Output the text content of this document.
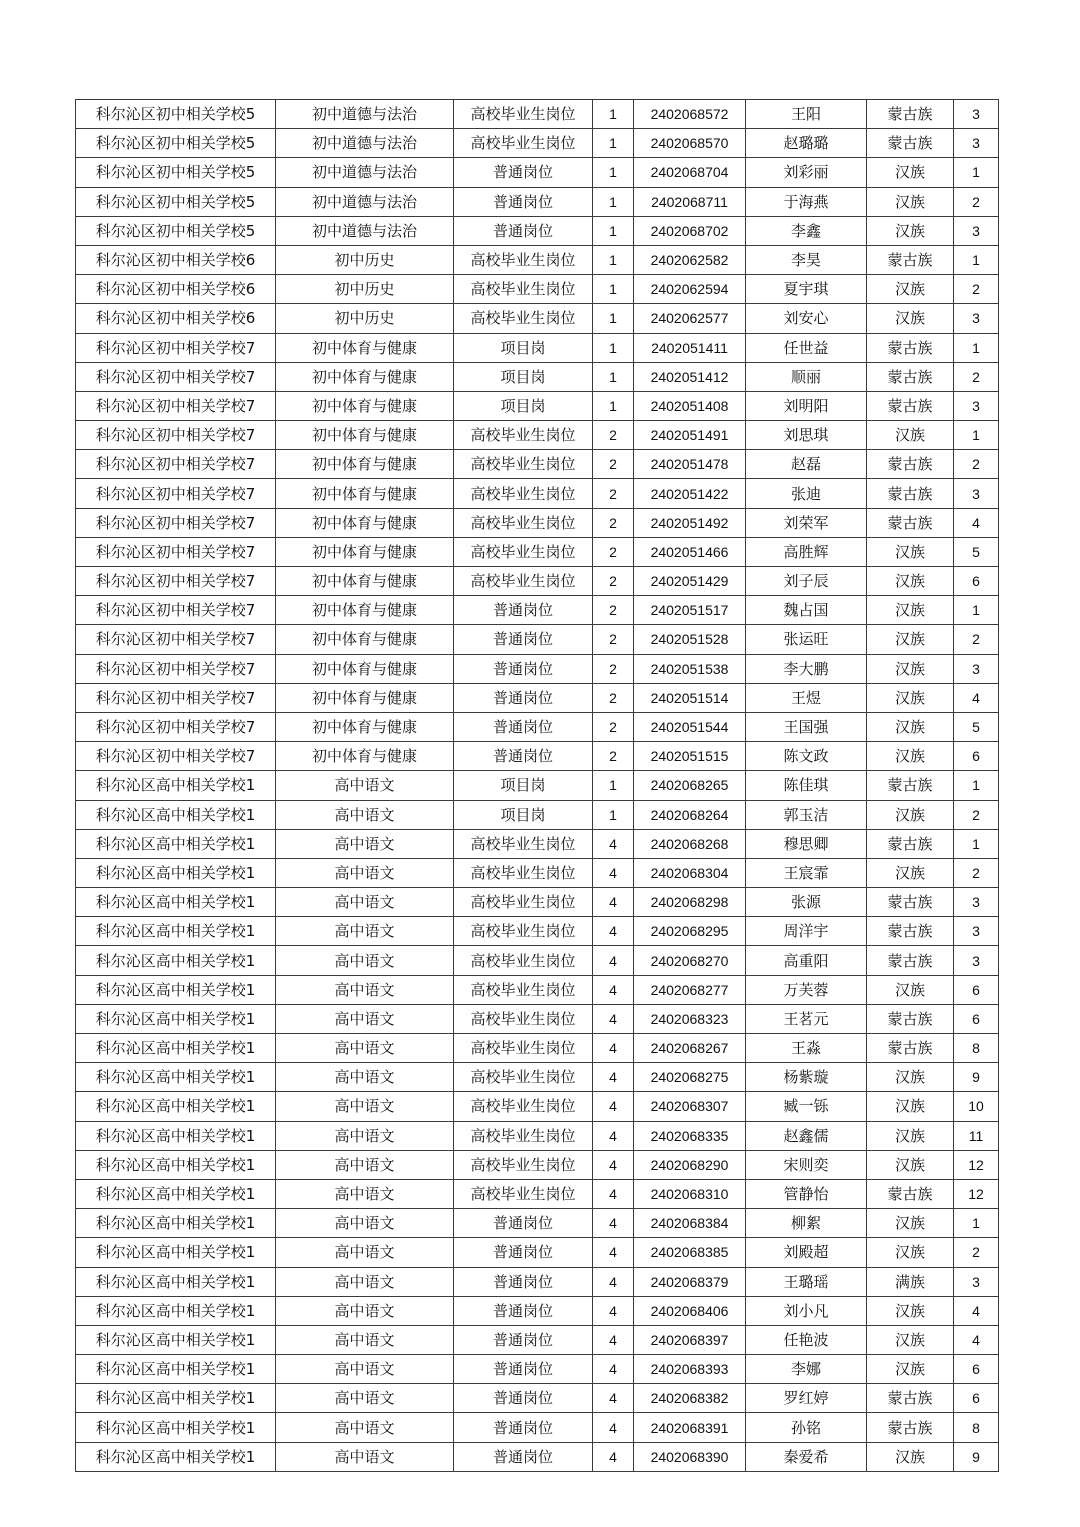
科尔沁区初中相关学校5	初中道德与法治	高校毕业生岗位	1	2402068572	王阳	蒙古族	3
科尔沁区初中相关学校5	初中道德与法治	高校毕业生岗位	1	2402068570	赵璐璐	蒙古族	3
科尔沁区初中相关学校5	初中道德与法治	普通岗位	1	2402068704	刘彩丽	汉族	1
科尔沁区初中相关学校5	初中道德与法治	普通岗位	1	2402068711	于海燕	汉族	2
科尔沁区初中相关学校5	初中道德与法治	普通岗位	1	2402068702	李鑫	汉族	3
科尔沁区初中相关学校6	初中历史	高校毕业生岗位	1	2402062582	李昊	蒙古族	1
科尔沁区初中相关学校6	初中历史	高校毕业生岗位	1	2402062594	夏宇琪	汉族	2
科尔沁区初中相关学校6	初中历史	高校毕业生岗位	1	2402062577	刘安心	汉族	3
科尔沁区初中相关学校7	初中体育与健康	项目岗	1	2402051411	任世益	蒙古族	1
科尔沁区初中相关学校7	初中体育与健康	项目岗	1	2402051412	顺丽	蒙古族	2
科尔沁区初中相关学校7	初中体育与健康	项目岗	1	2402051408	刘明阳	蒙古族	3
科尔沁区初中相关学校7	初中体育与健康	高校毕业生岗位	2	2402051491	刘思琪	汉族	1
科尔沁区初中相关学校7	初中体育与健康	高校毕业生岗位	2	2402051478	赵磊	蒙古族	2
科尔沁区初中相关学校7	初中体育与健康	高校毕业生岗位	2	2402051422	张迪	蒙古族	3
科尔沁区初中相关学校7	初中体育与健康	高校毕业生岗位	2	2402051492	刘荣军	蒙古族	4
科尔沁区初中相关学校7	初中体育与健康	高校毕业生岗位	2	2402051466	高胜辉	汉族	5
科尔沁区初中相关学校7	初中体育与健康	高校毕业生岗位	2	2402051429	刘子辰	汉族	6
科尔沁区初中相关学校7	初中体育与健康	普通岗位	2	2402051517	魏占国	汉族	1
科尔沁区初中相关学校7	初中体育与健康	普通岗位	2	2402051528	张运旺	汉族	2
科尔沁区初中相关学校7	初中体育与健康	普通岗位	2	2402051538	李大鹏	汉族	3
科尔沁区初中相关学校7	初中体育与健康	普通岗位	2	2402051514	王煜	汉族	4
科尔沁区初中相关学校7	初中体育与健康	普通岗位	2	2402051544	王国强	汉族	5
科尔沁区初中相关学校7	初中体育与健康	普通岗位	2	2402051515	陈文政	汉族	6
科尔沁区高中相关学校1	高中语文	项目岗	1	2402068265	陈佳琪	蒙古族	1
科尔沁区高中相关学校1	高中语文	项目岗	1	2402068264	郭玉洁	汉族	2
科尔沁区高中相关学校1	高中语文	高校毕业生岗位	4	2402068268	穆思卿	蒙古族	1
科尔沁区高中相关学校1	高中语文	高校毕业生岗位	4	2402068304	王宸霏	汉族	2
科尔沁区高中相关学校1	高中语文	高校毕业生岗位	4	2402068298	张源	蒙古族	3
科尔沁区高中相关学校1	高中语文	高校毕业生岗位	4	2402068295	周洋宇	蒙古族	3
科尔沁区高中相关学校1	高中语文	高校毕业生岗位	4	2402068270	高重阳	蒙古族	3
科尔沁区高中相关学校1	高中语文	高校毕业生岗位	4	2402068277	万芙蓉	汉族	6
科尔沁区高中相关学校1	高中语文	高校毕业生岗位	4	2402068323	王茗元	蒙古族	6
科尔沁区高中相关学校1	高中语文	高校毕业生岗位	4	2402068267	王淼	蒙古族	8
科尔沁区高中相关学校1	高中语文	高校毕业生岗位	4	2402068275	杨紫璇	汉族	9
科尔沁区高中相关学校1	高中语文	高校毕业生岗位	4	2402068307	臧一铄	汉族	10
科尔沁区高中相关学校1	高中语文	高校毕业生岗位	4	2402068335	赵鑫儒	汉族	11
科尔沁区高中相关学校1	高中语文	高校毕业生岗位	4	2402068290	宋则奕	汉族	12
科尔沁区高中相关学校1	高中语文	高校毕业生岗位	4	2402068310	管静怡	蒙古族	12
科尔沁区高中相关学校1	高中语文	普通岗位	4	2402068384	柳絮	汉族	1
科尔沁区高中相关学校1	高中语文	普通岗位	4	2402068385	刘殿超	汉族	2
科尔沁区高中相关学校1	高中语文	普通岗位	4	2402068379	王璐瑶	满族	3
科尔沁区高中相关学校1	高中语文	普通岗位	4	2402068406	刘小凡	汉族	4
科尔沁区高中相关学校1	高中语文	普通岗位	4	2402068397	任艳波	汉族	4
科尔沁区高中相关学校1	高中语文	普通岗位	4	2402068393	李娜	汉族	6
科尔沁区高中相关学校1	高中语文	普通岗位	4	2402068382	罗红婷	蒙古族	6
科尔沁区高中相关学校1	高中语文	普通岗位	4	2402068391	孙铭	蒙古族	8
科尔沁区高中相关学校1	高中语文	普通岗位	4	2402068390	秦爱希	汉族	9
